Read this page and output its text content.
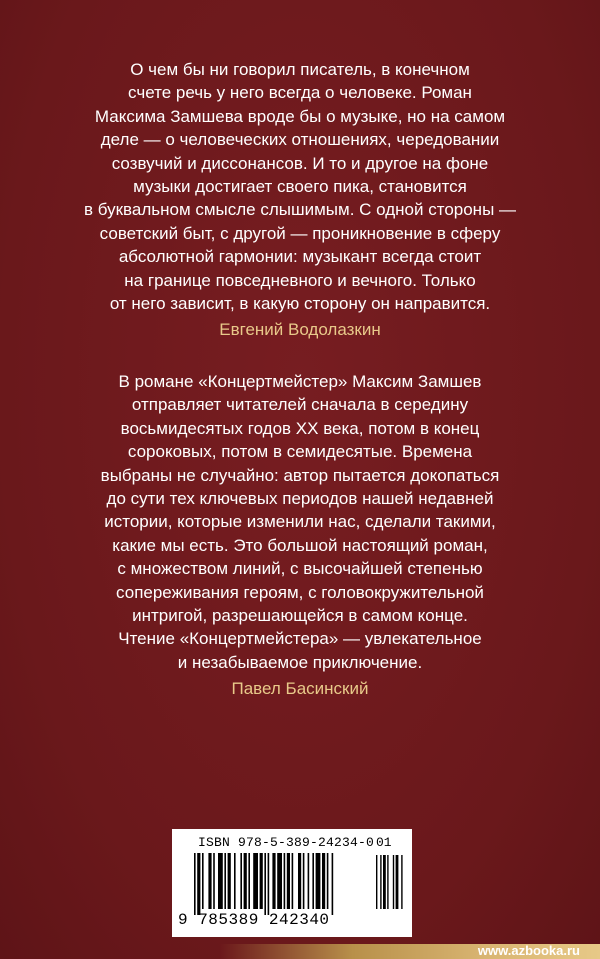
О чем бы ни говорил писатель, в конечном
счете речь у него всегда о человеке. Роман
Максима Замшева вроде бы о музыке, но на самом
деле — о человеческих отношениях, чередовании
созвучий и диссонансов. И то и другое на фоне
музыки достигает своего пика, становится
в буквальном смысле слышимым. С одной стороны —
советский быт, с другой — проникновение в сферу
абсолютной гармонии: музыкант всегда стоит
на границе повседневного и вечного. Только
от него зависит, в какую сторону он направится.
Евгений Водолазкин
В романе «Концертмейстер» Максим Замшев
отправляет читателей сначала в середину
восьмидесятых годов XX века, потом в конец
сороковых, потом в семидесятые. Времена
выбраны не случайно: автор пытается докопаться
до сути тех ключевых периодов нашей недавней
истории, которые изменили нас, сделали такими,
какие мы есть. Это большой настоящий роман,
с множеством линий, с высочайшей степенью
сопереживания героям, с головокружительной
интригой, разрешающейся в самом конце.
Чтение «Концертмейстера» — увлекательное
и незабываемое приключение.
Павел Басинский
ISBN 978-5-389-24234-0 01
9 785389 242340
www.azbooka.ru
